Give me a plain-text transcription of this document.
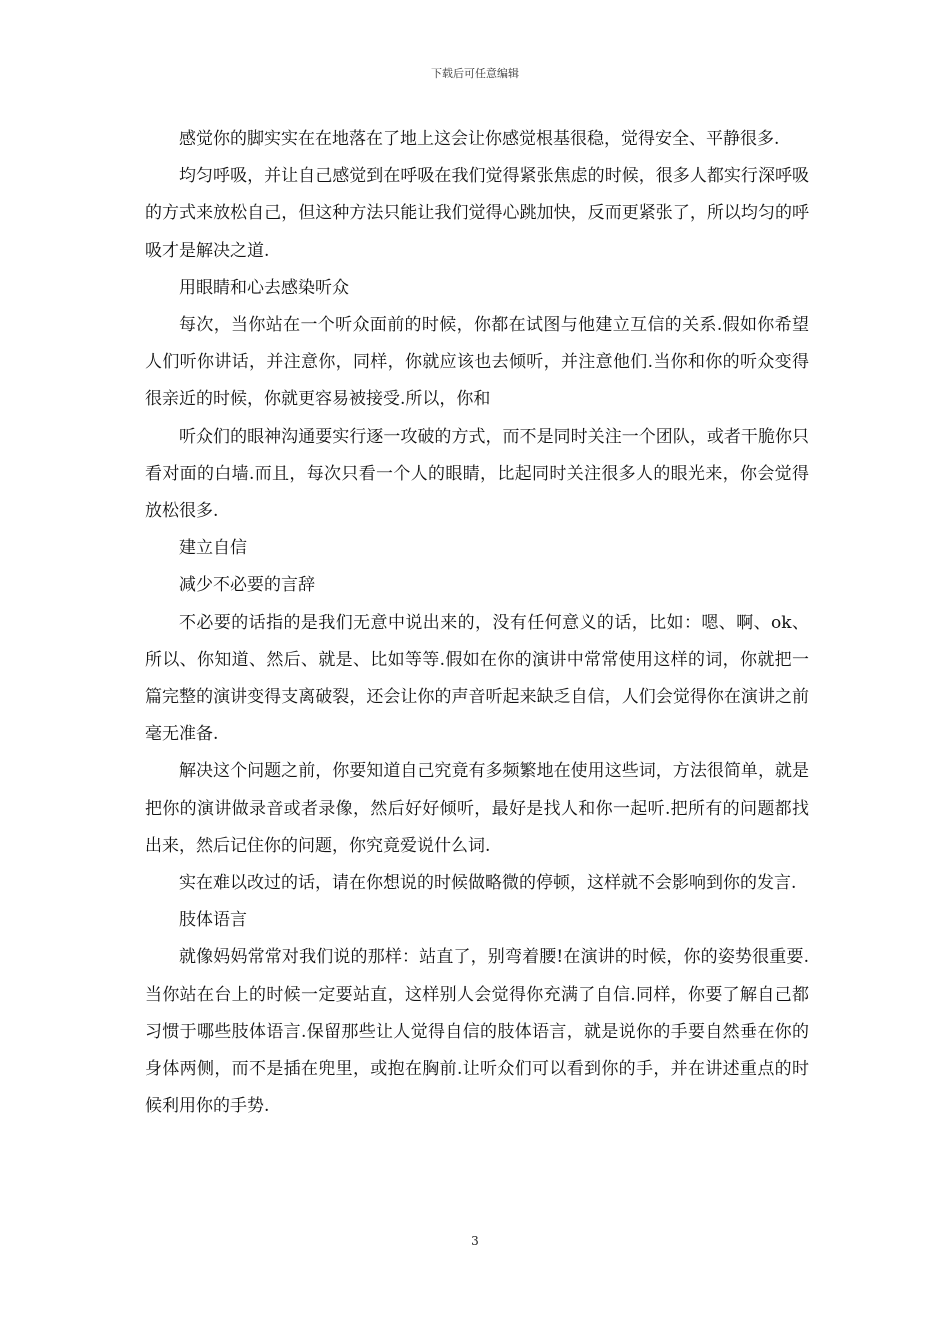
下载后可任意编辑

感觉你的脚实实在在地落在了地上这会让你感觉根基很稳，觉得安全、平静很多.

均匀呼吸，并让自己感觉到在呼吸在我们觉得紧张焦虑的时候，很多人都实行深呼吸的方式来放松自己，但这种方法只能让我们觉得心跳加快，反而更紧张了，所以均匀的呼吸才是解决之道.

用眼睛和心去感染听众

每次，当你站在一个听众面前的时候，你都在试图与他建立互信的关系.假如你希望人们听你讲话，并注意你，同样，你就应该也去倾听，并注意他们.当你和你的听众变得很亲近的时候，你就更容易被接受.所以，你和

听众们的眼神沟通要实行逐一攻破的方式，而不是同时关注一个团队，或者干脆你只看对面的白墙.而且，每次只看一个人的眼睛，比起同时关注很多人的眼光来，你会觉得放松很多.

建立自信

减少不必要的言辞

不必要的话指的是我们无意中说出来的，没有任何意义的话，比如：嗯、啊、ok、所以、你知道、然后、就是、比如等等.假如在你的演讲中常常使用这样的词，你就把一篇完整的演讲变得支离破裂，还会让你的声音听起来缺乏自信，人们会觉得你在演讲之前毫无准备.

解决这个问题之前，你要知道自己究竟有多频繁地在使用这些词，方法很简单，就是把你的演讲做录音或者录像，然后好好倾听，最好是找人和你一起听.把所有的问题都找出来，然后记住你的问题，你究竟爱说什么词.

实在难以改过的话，请在你想说的时候做略微的停顿，这样就不会影响到你的发言.

肢体语言

就像妈妈常常对我们说的那样：站直了，别弯着腰!在演讲的时候，你的姿势很重要.当你站在台上的时候一定要站直，这样别人会觉得你充满了自信.同样，你要了解自己都习惯于哪些肢体语言.保留那些让人觉得自信的肢体语言，就是说你的手要自然垂在你的身体两侧，而不是插在兜里，或抱在胸前.让听众们可以看到你的手，并在讲述重点的时候利用你的手势.

3
